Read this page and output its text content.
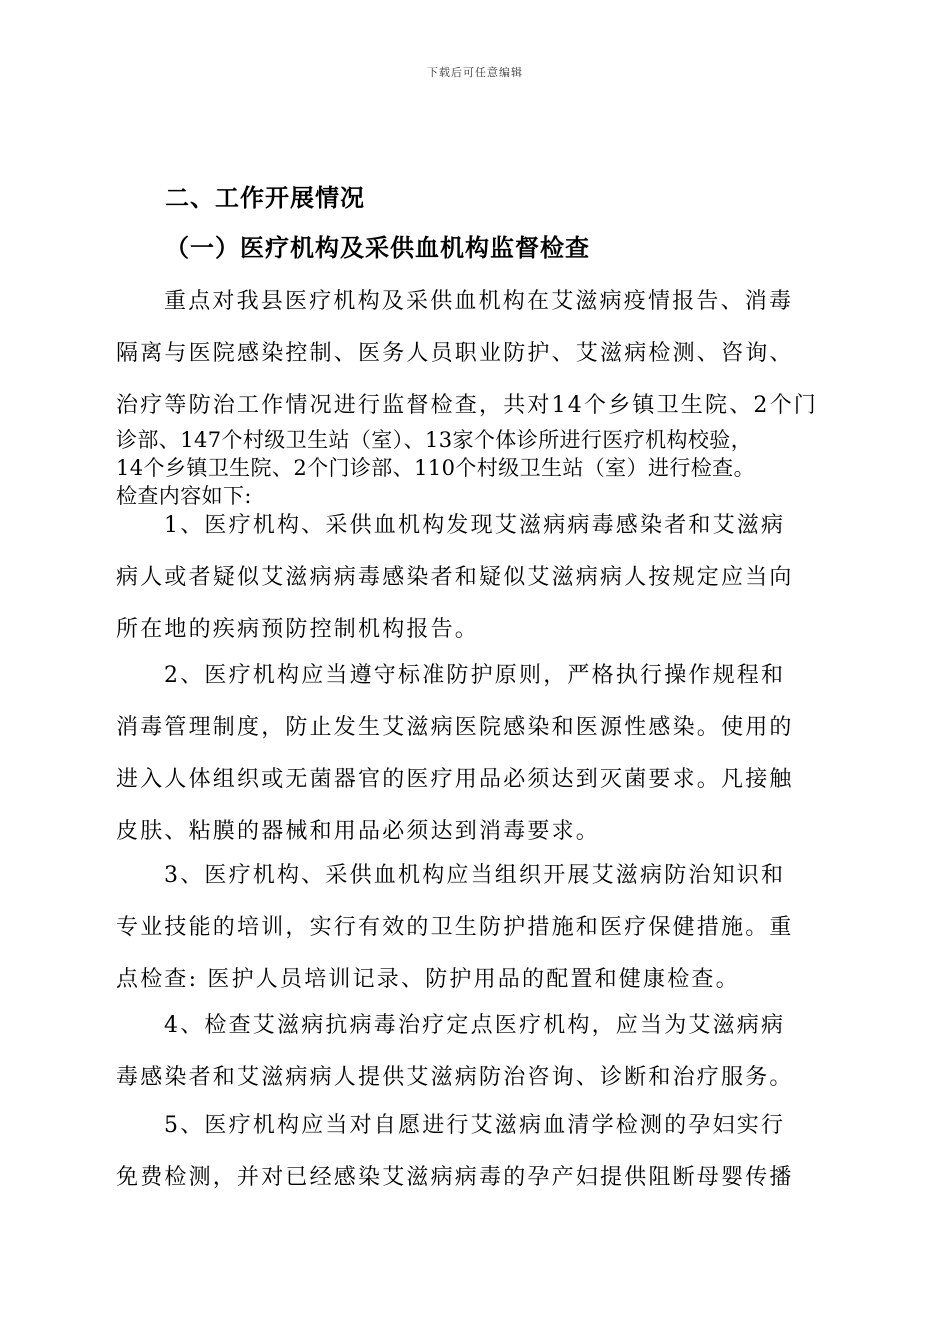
下载后可任意编辑
二、工作开展情况
（一）医疗机构及采供血机构监督检查
重点对我县医疗机构及采供血机构在艾滋病疫情报告、消毒
隔离与医院感染控制、医务人员职业防护、艾滋病检测、咨询、
治疗等防治工作情况进行监督检查，共对14个乡镇卫生院、2个门
诊部、147个村级卫生站（室）、13家个体诊所进行医疗机构校验，
14个乡镇卫生院、2个门诊部、110个村级卫生站（室）进行检查。
检查内容如下:
1、医疗机构、采供血机构发现艾滋病病毒感染者和艾滋病
病人或者疑似艾滋病病毒感染者和疑似艾滋病病人按规定应当向
所在地的疾病预防控制机构报告。
2、医疗机构应当遵守标准防护原则，严格执行操作规程和
消毒管理制度，防止发生艾滋病医院感染和医源性感染。使用的
进入人体组织或无菌器官的医疗用品必须达到灭菌要求。凡接触
皮肤、粘膜的器械和用品必须达到消毒要求。
3、医疗机构、采供血机构应当组织开展艾滋病防治知识和
专业技能的培训，实行有效的卫生防护措施和医疗保健措施。重
点检查: 医护人员培训记录、防护用品的配置和健康检查。
4、检查艾滋病抗病毒治疗定点医疗机构，应当为艾滋病病
毒感染者和艾滋病病人提供艾滋病防治咨询、诊断和治疗服务。
5、医疗机构应当对自愿进行艾滋病血清学检测的孕妇实行
免费检测，并对已经感染艾滋病病毒的孕产妇提供阻断母婴传播
